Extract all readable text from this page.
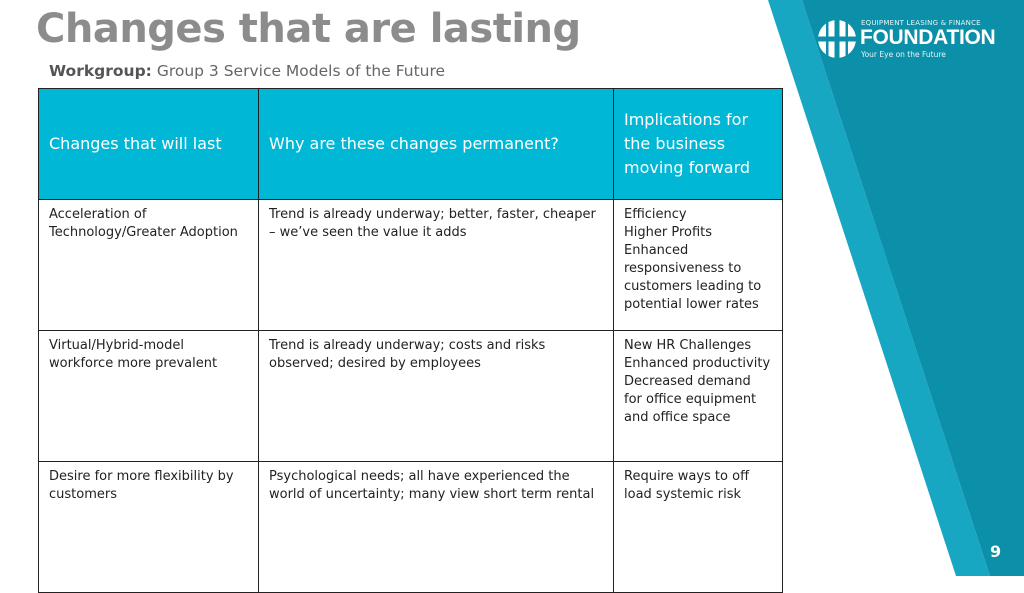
Changes that are lasting
Workgroup: Group 3 Service Models of the Future
EQUIPMENT LEASING & FINANCE
FOUNDATION
Your Eye on the Future
Changes that will last	Why are these changes permanent?	Implications for the business moving forward
Acceleration of Technology/Greater Adoption	Trend is already underway; better, faster, cheaper – we’ve seen the value it adds	Efficiency
Higher Profits
Enhanced responsiveness to customers leading to potential lower rates

Virtual/Hybrid-model workforce more prevalent	Trend is already underway; costs and risks observed; desired by employees	New HR Challenges
Enhanced productivity
Decreased demand for office equipment and office space

Desire for more flexibility by customers	Psychological needs; all have experienced the world of uncertainty; many view short term rental	Require ways to off load systemic risk
9
